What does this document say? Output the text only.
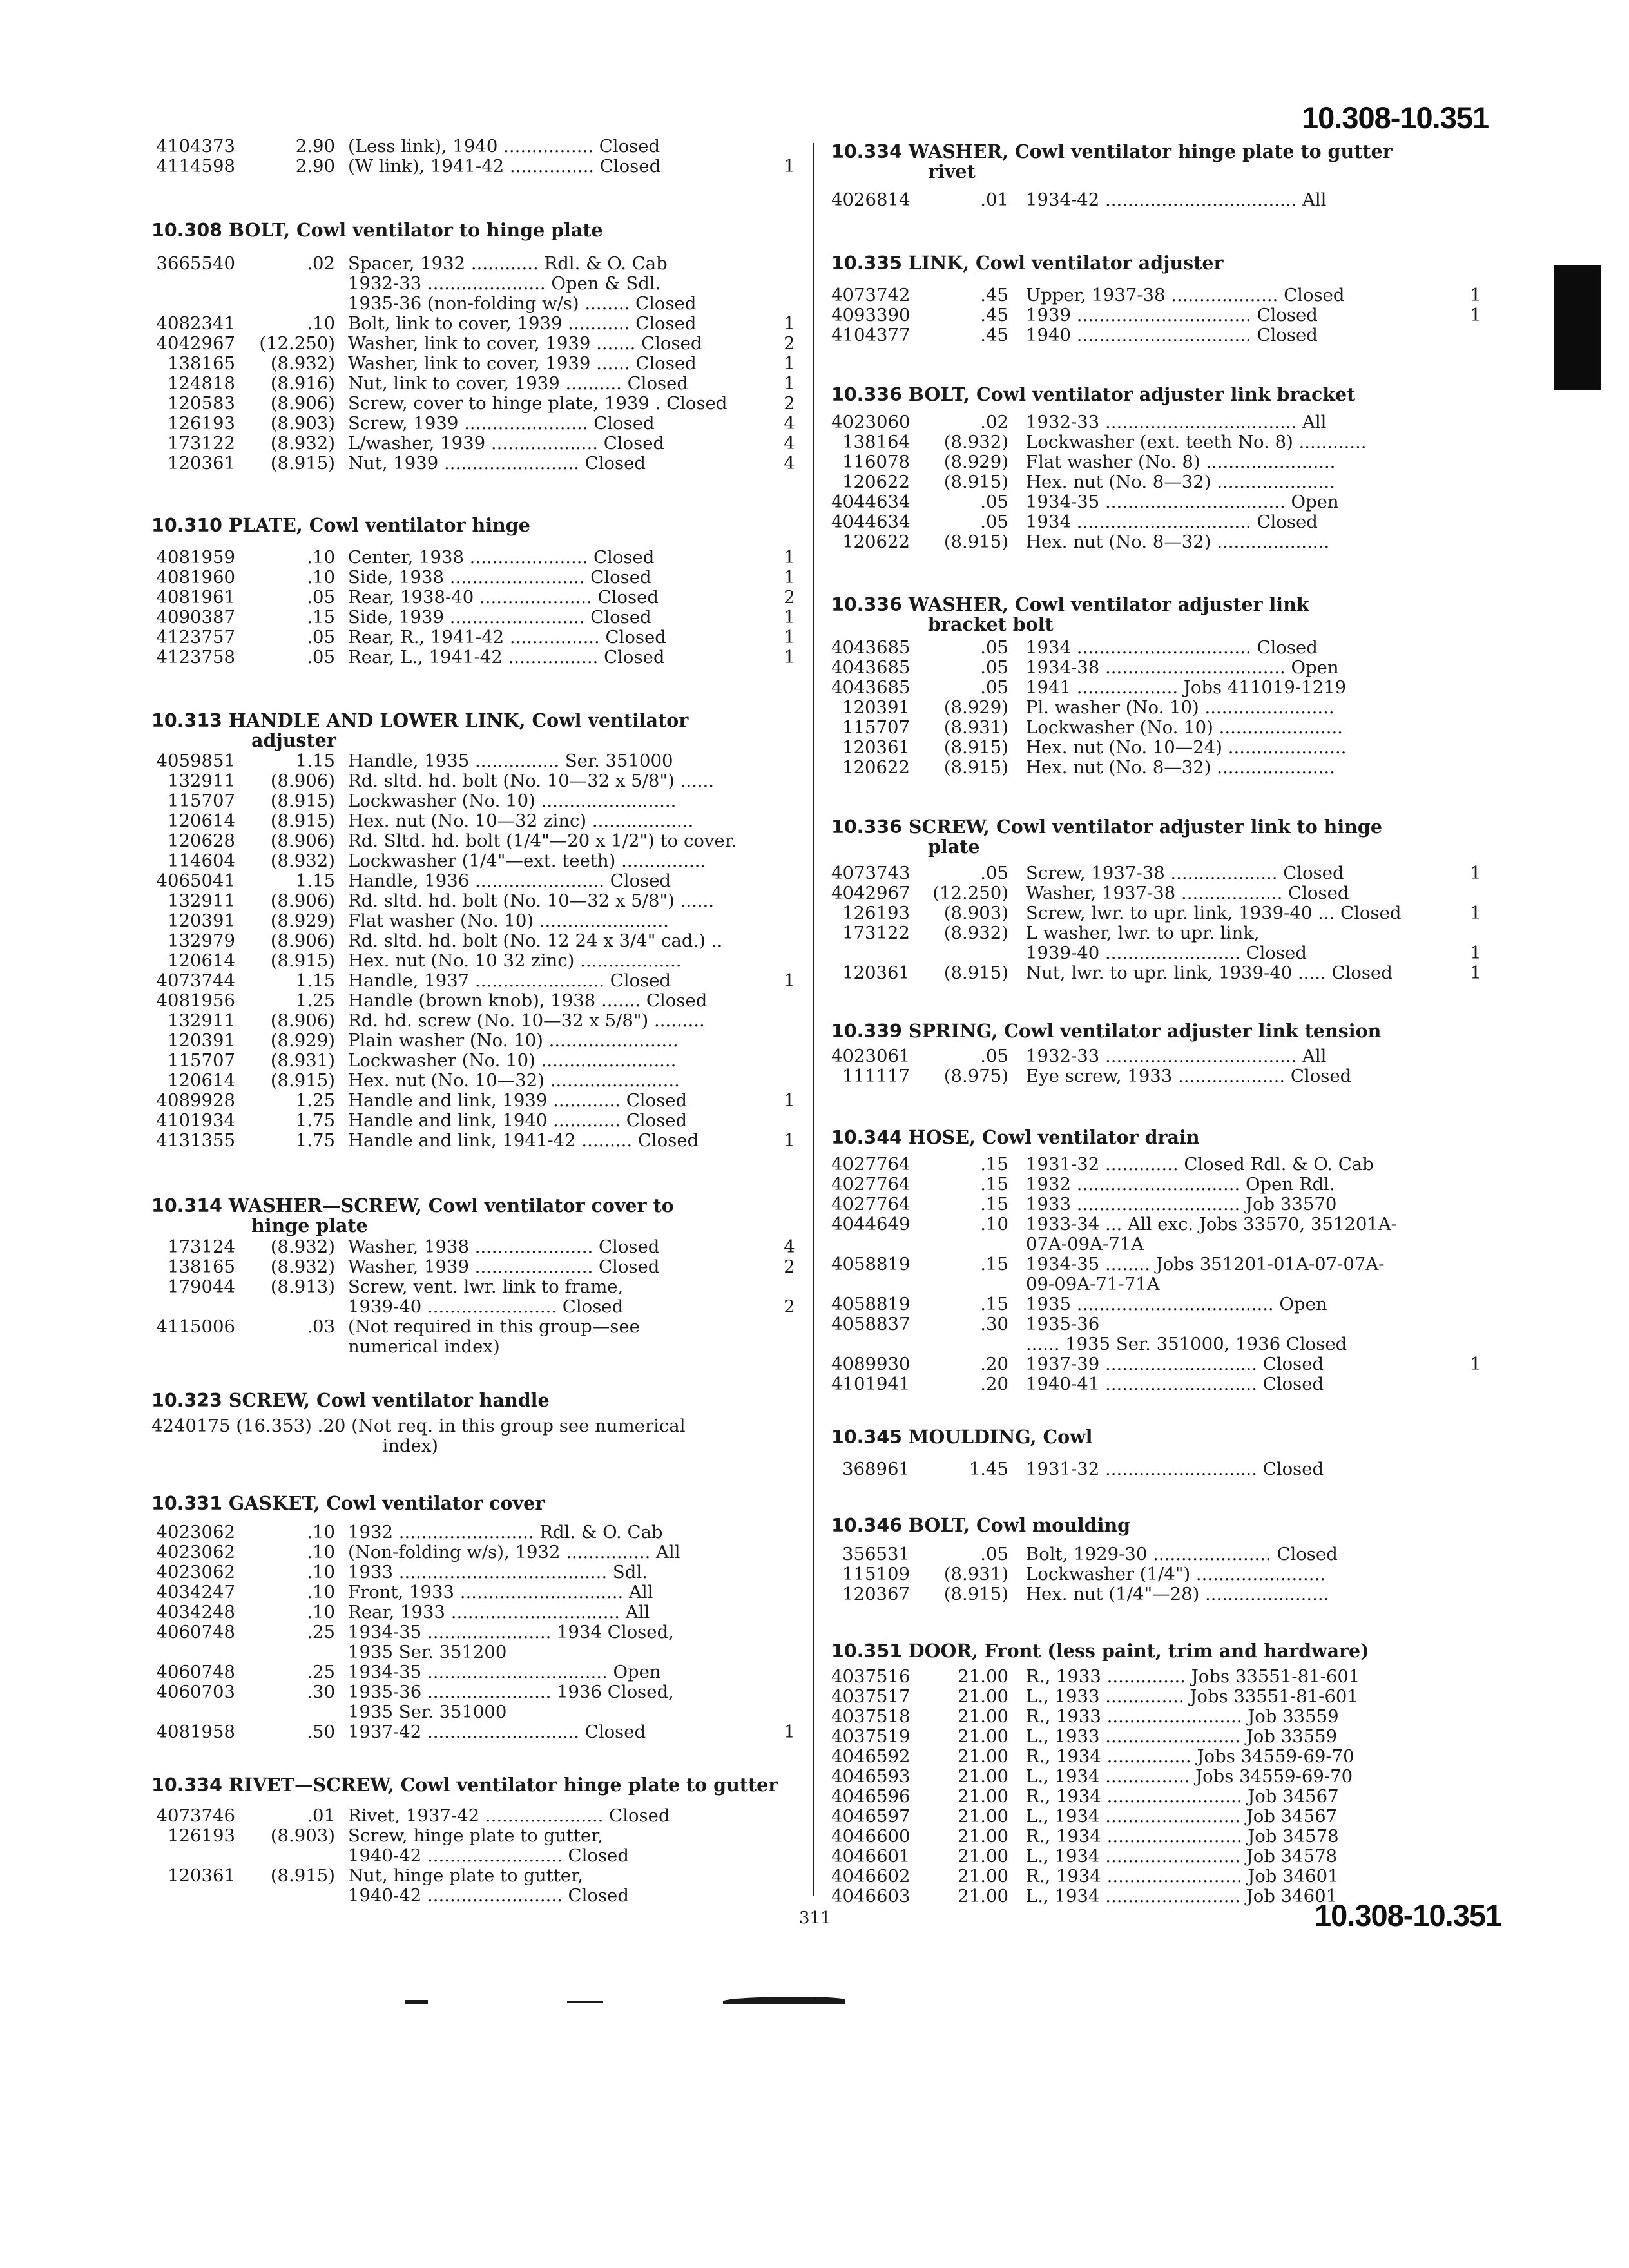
10.308-10.351
4104373	2.90 (Less link), 1940 ................ Closed
4114598	2.90 (W link), 1941-42 ............... Closed	1
10.308 BOLT, Cowl ventilator to hinge plate
3665540	.02 Spacer, 1932 ............ Rdl. & O. Cab
1932-33 ..................... Open & Sdl.
1935-36 (non-folding w/s) ........ Closed
4082341	.10 Bolt, link to cover, 1939 ........... Closed	1
4042967	(12.250) Washer, link to cover, 1939 ....... Closed	2
138165	(8.932) Washer, link to cover, 1939 ...... Closed	1
124818	(8.916) Nut, link to cover, 1939 .......... Closed	1
120583	(8.906) Screw, cover to hinge plate, 1939 . Closed	2
126193	(8.903) Screw, 1939 ...................... Closed	4
173122	(8.932) L/washer, 1939 ................... Closed	4
120361	(8.915) Nut, 1939 ........................ Closed	4
10.310 PLATE, Cowl ventilator hinge
4081959	.10 Center, 1938 ..................... Closed	1
4081960	.10 Side, 1938 ........................ Closed	1
4081961	.05 Rear, 1938-40 .................... Closed	2
4090387	.15 Side, 1939 ........................ Closed	1
4123757	.05 Rear, R., 1941-42 ................ Closed	1
4123758	.05 Rear, L., 1941-42 ................ Closed	1
10.313 HANDLE AND LOWER LINK, Cowl ventilator
adjuster
4059851	1.15 Handle, 1935 ............... Ser. 351000
132911	(8.906) Rd. sltd. hd. bolt (No. 10—32 x 5/8") ......
115707	(8.915) Lockwasher (No. 10) ........................
120614	(8.915) Hex. nut (No. 10—32 zinc) ..................
120628	(8.906) Rd. Sltd. hd. bolt (1/4"—20 x 1/2") to cover.
114604	(8.932) Lockwasher (1/4"—ext. teeth) ...............
4065041	1.15 Handle, 1936 ....................... Closed
132911	(8.906) Rd. sltd. hd. bolt (No. 10—32 x 5/8") ......
120391	(8.929) Flat washer (No. 10) .......................
132979	(8.906) Rd. sltd. hd. bolt (No. 12 24 x 3/4" cad.) ..
120614	(8.915) Hex. nut (No. 10 32 zinc) ..................
4073744	1.15 Handle, 1937 ....................... Closed	1
4081956	1.25 Handle (brown knob), 1938 ....... Closed
132911	(8.906) Rd. hd. screw (No. 10—32 x 5/8") .........
120391	(8.929) Plain washer (No. 10) .......................
115707	(8.931) Lockwasher (No. 10) ........................
120614	(8.915) Hex. nut (No. 10—32) .......................
4089928	1.25 Handle and link, 1939 ............ Closed	1
4101934	1.75 Handle and link, 1940 ............ Closed
4131355	1.75 Handle and link, 1941-42 ......... Closed	1
10.314 WASHER—SCREW, Cowl ventilator cover to
hinge plate
173124	(8.932) Washer, 1938 ..................... Closed	4
138165	(8.932) Washer, 1939 ..................... Closed	2
179044	(8.913) Screw, vent. lwr. link to frame,
1939-40 ....................... Closed	2
4115006	.03 (Not required in this group—see
numerical index)
10.323 SCREW, Cowl ventilator handle
4240175 (16.353) .20 (Not req. in this group see numerical
index)
10.331 GASKET, Cowl ventilator cover
4023062	.10 1932 ........................ Rdl. & O. Cab
4023062	.10 (Non-folding w/s), 1932 ............... All
4023062	.10 1933 ..................................... Sdl.
4034247	.10 Front, 1933 ............................. All
4034248	.10 Rear, 1933 .............................. All
4060748	.25 1934-35 ...................... 1934 Closed,
1935 Ser. 351200
4060748	.25 1934-35 ................................ Open
4060703	.30 1935-36 ...................... 1936 Closed,
1935 Ser. 351000
4081958	.50 1937-42 ........................... Closed	1
10.334 RIVET—SCREW, Cowl ventilator hinge plate to gutter
4073746	.01 Rivet, 1937-42 ..................... Closed
126193	(8.903) Screw, hinge plate to gutter,
1940-42 ........................ Closed
120361	(8.915) Nut, hinge plate to gutter,
1940-42 ........................ Closed
10.334 WASHER, Cowl ventilator hinge plate to gutter
rivet
4026814	.01 1934-42 .................................. All
10.335 LINK, Cowl ventilator adjuster
4073742	.45 Upper, 1937-38 ................... Closed	1
4093390	.45 1939 ............................... Closed	1
4104377	.45 1940 ............................... Closed
10.336 BOLT, Cowl ventilator adjuster link bracket
4023060	.02 1932-33 .................................. All
138164	(8.932) Lockwasher (ext. teeth No. 8) ............
116078	(8.929) Flat washer (No. 8) .......................
120622	(8.915) Hex. nut (No. 8—32) .....................
4044634	.05 1934-35 ................................ Open
4044634	.05 1934 ............................... Closed
120622	(8.915) Hex. nut (No. 8—32) ....................
10.336 WASHER, Cowl ventilator adjuster link
bracket bolt
4043685	.05 1934 ............................... Closed
4043685	.05 1934-38 ................................ Open
4043685	.05 1941 .................. Jobs 411019-1219
120391	(8.929) Pl. washer (No. 10) .......................
115707	(8.931) Lockwasher (No. 10) ......................
120361	(8.915) Hex. nut (No. 10—24) .....................
120622	(8.915) Hex. nut (No. 8—32) .....................
10.336 SCREW, Cowl ventilator adjuster link to hinge
plate
4073743	.05 Screw, 1937-38 ................... Closed	1
4042967	(12.250) Washer, 1937-38 .................. Closed
126193	(8.903) Screw, lwr. to upr. link, 1939-40 ... Closed	1
173122	(8.932) L washer, lwr. to upr. link,
1939-40 ........................ Closed	1
120361	(8.915) Nut, lwr. to upr. link, 1939-40 ..... Closed	1
10.339 SPRING, Cowl ventilator adjuster link tension
4023061	.05 1932-33 .................................. All
111117	(8.975) Eye screw, 1933 ................... Closed
10.344 HOSE, Cowl ventilator drain
4027764	.15 1931-32 ............. Closed Rdl. & O. Cab
4027764	.15 1932 ............................. Open Rdl.
4027764	.15 1933 ............................. Job 33570
4044649	.10 1933-34 ... All exc. Jobs 33570, 351201A-
07A-09A-71A
4058819	.15 1934-35 ........ Jobs 351201-01A-07-07A-
09-09A-71-71A
4058819	.15 1935 ................................... Open
4058837	.30 1935-36
...... 1935 Ser. 351000, 1936 Closed
4089930	.20 1937-39 ........................... Closed	1
4101941	.20 1940-41 ........................... Closed
10.345 MOULDING, Cowl
368961	1.45 1931-32 ........................... Closed
10.346 BOLT, Cowl moulding
356531	.05 Bolt, 1929-30 ..................... Closed
115109	(8.931) Lockwasher (1/4") .......................
120367	(8.915) Hex. nut (1/4"—28) ......................
10.351 DOOR, Front (less paint, trim and hardware)
4037516	21.00 R., 1933 .............. Jobs 33551-81-601
4037517	21.00 L., 1933 .............. Jobs 33551-81-601
4037518	21.00 R., 1933 ........................ Job 33559
4037519	21.00 L., 1933 ........................ Job 33559
4046592	21.00 R., 1934 ............... Jobs 34559-69-70
4046593	21.00 L., 1934 ............... Jobs 34559-69-70
4046596	21.00 R., 1934 ........................ Job 34567
4046597	21.00 L., 1934 ........................ Job 34567
4046600	21.00 R., 1934 ........................ Job 34578
4046601	21.00 L., 1934 ........................ Job 34578
4046602	21.00 R., 1934 ........................ Job 34601
4046603	21.00 L., 1934 ........................ Job 34601
311	10.308-10.351
